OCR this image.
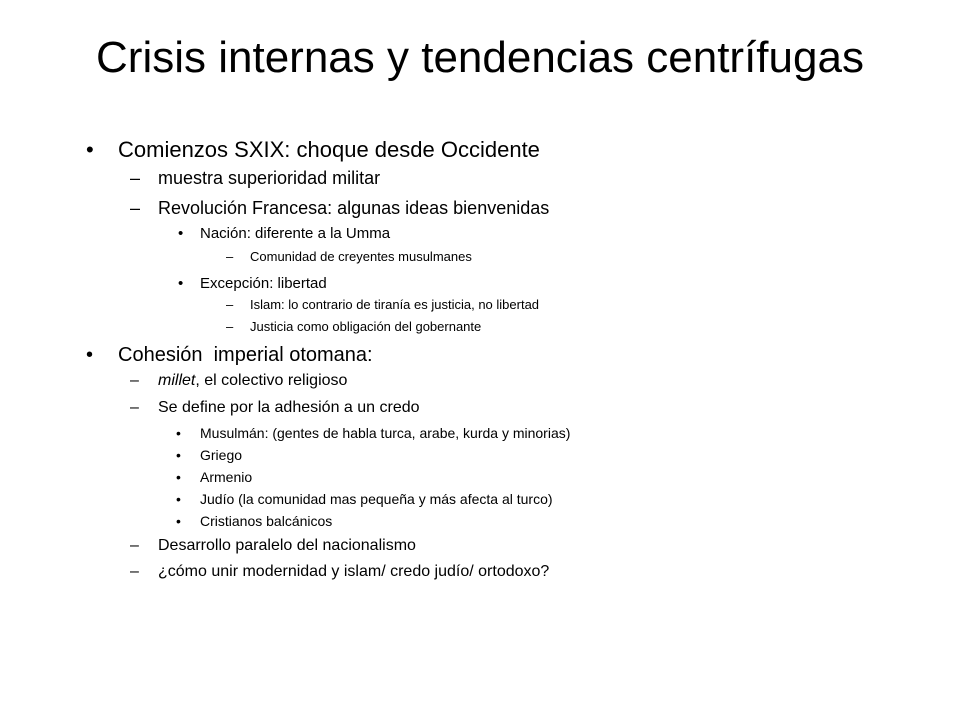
Crisis internas y tendencias centrífugas
• Comienzos SXIX: choque desde Occidente
– muestra superioridad militar
– Revolución Francesa: algunas ideas bienvenidas
• Nación: diferente a la Umma
– Comunidad de creyentes musulmanes
• Excepción: libertad
– Islam: lo contrario de tiranía es justicia, no libertad
– Justicia como obligación del gobernante
• Cohesión  imperial otomana:
– millet, el colectivo religioso
– Se define por la adhesión a un credo
• Musulmán: (gentes de habla turca, arabe, kurda y minorias)
• Griego
• Armenio
• Judío (la comunidad mas pequeña y más afecta al turco)
• Cristianos balcánicos
– Desarrollo paralelo del nacionalismo
– ¿cómo unir modernidad y islam/ credo judío/ ortodoxo?
